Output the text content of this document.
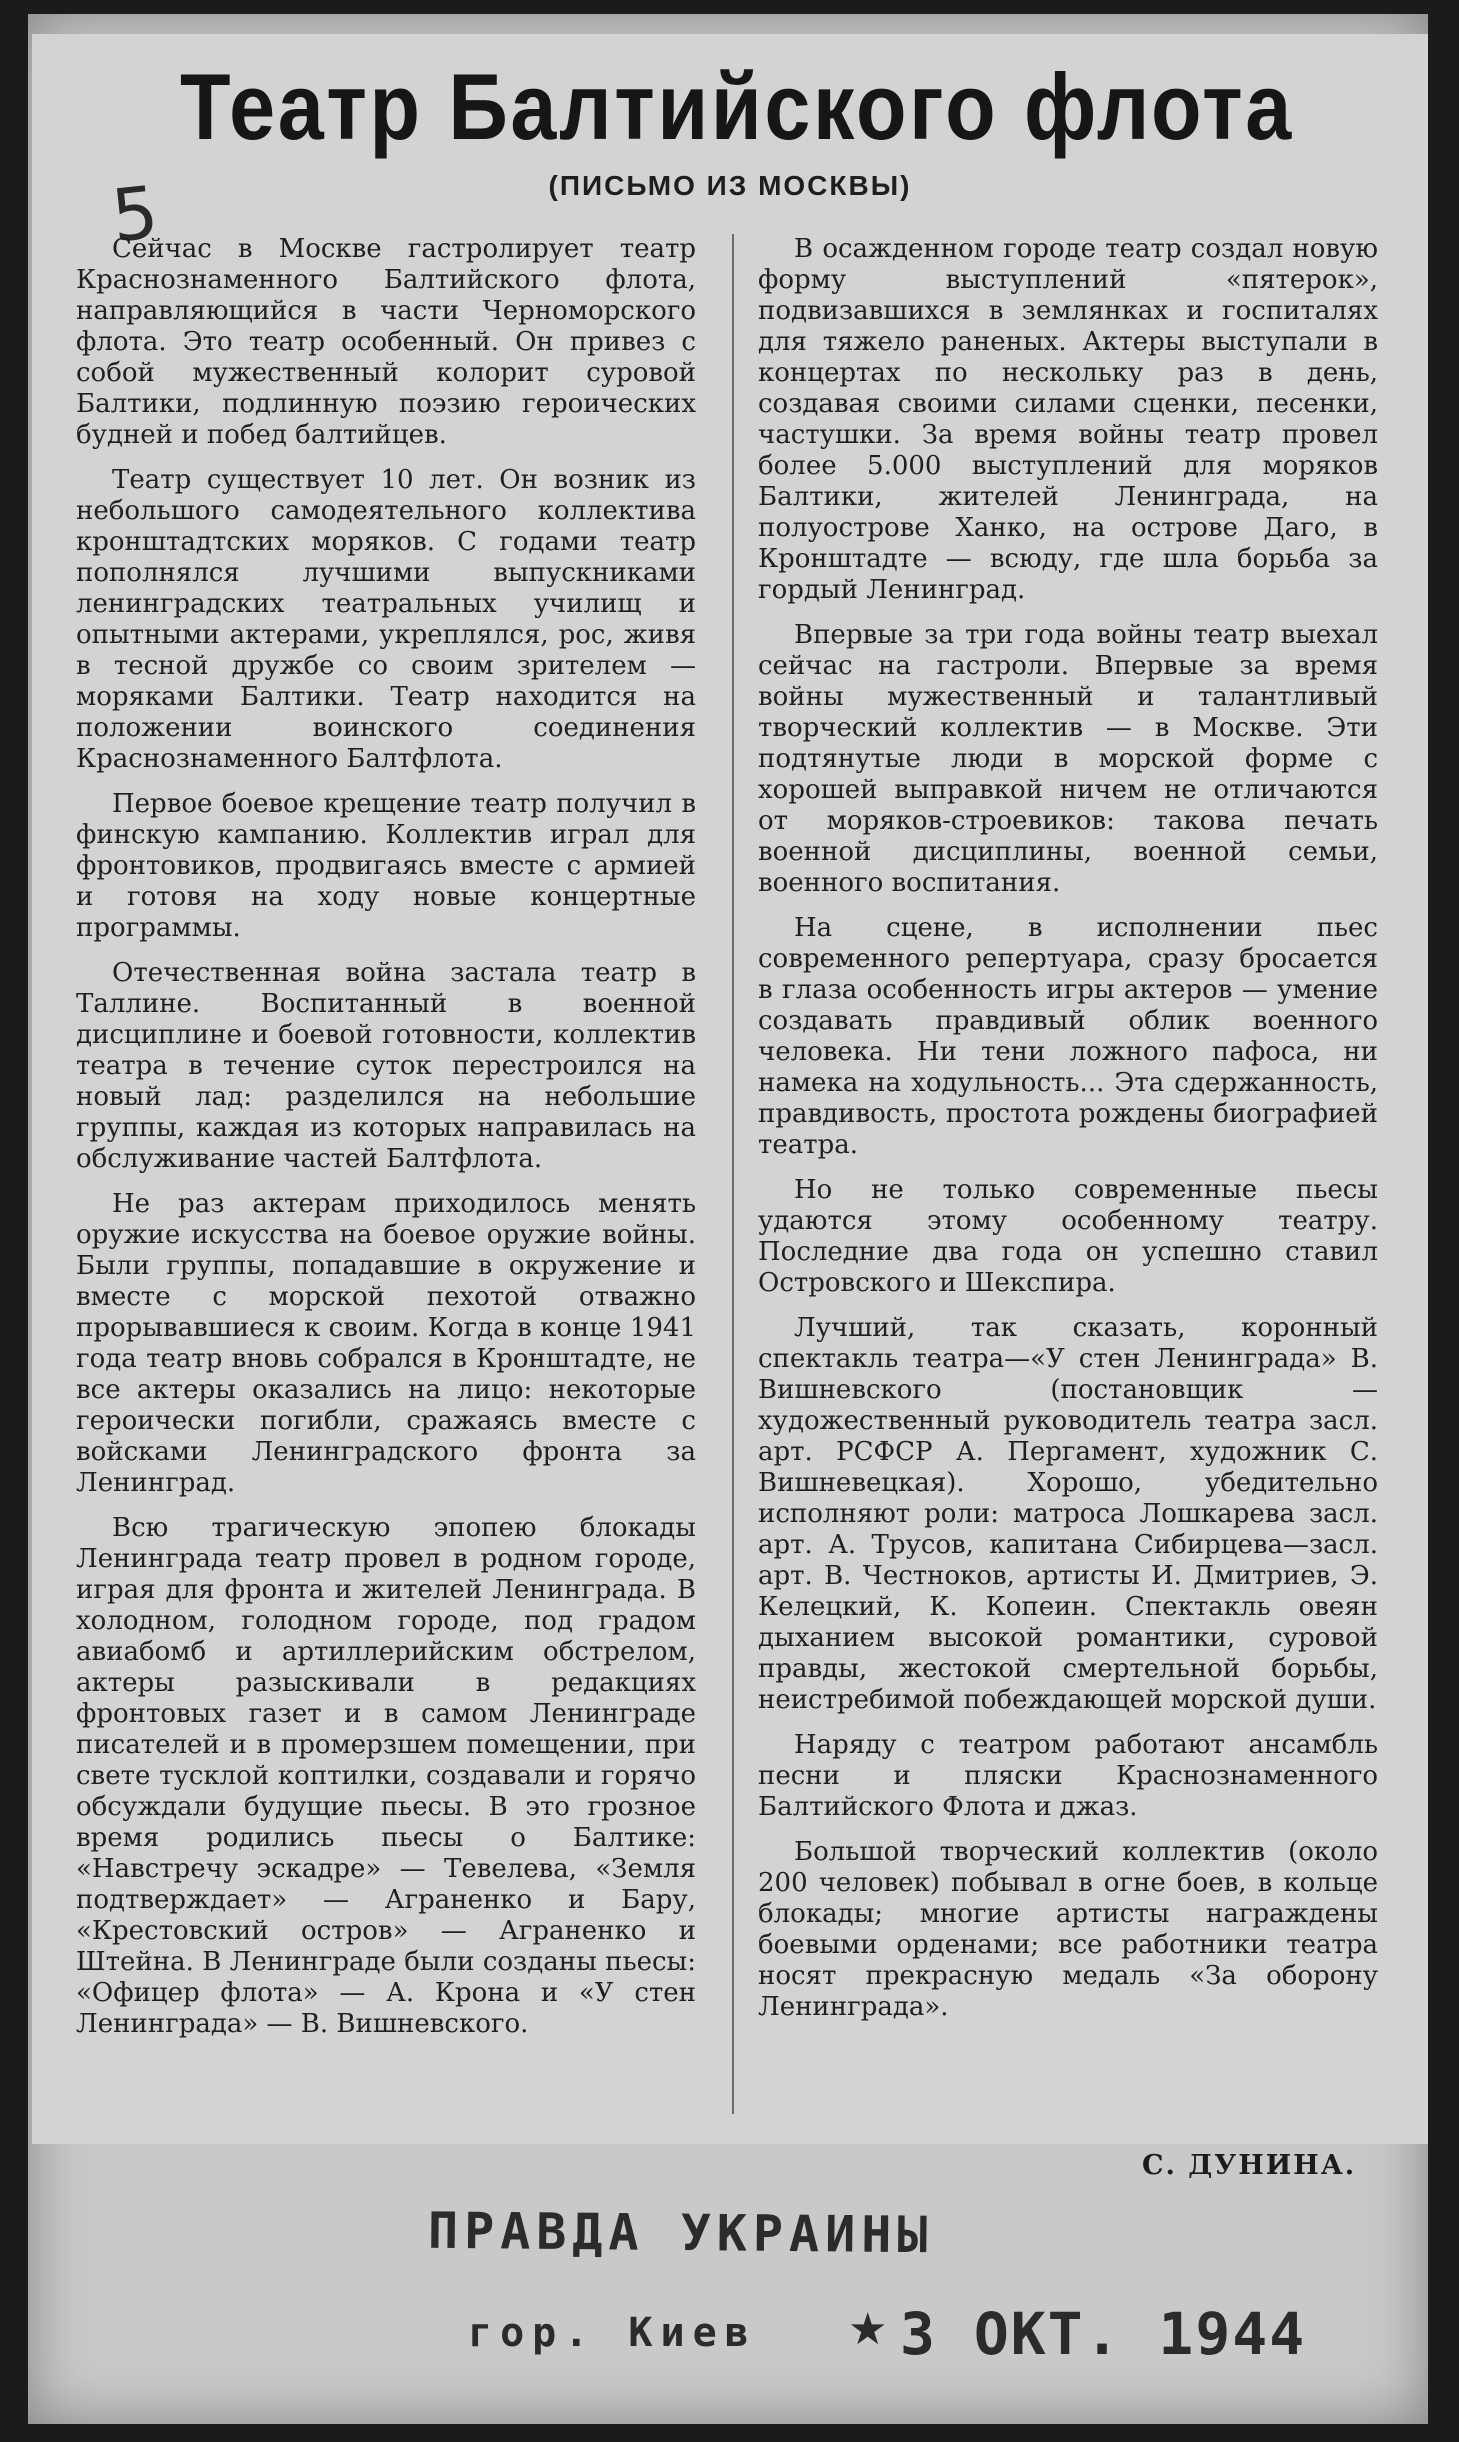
Театр Балтийского флота
(ПИСЬМО ИЗ МОСКВЫ)
5

Сейчас в Москве гастролирует театр Краснознаменного Балтийского флота, направляющийся в части Черноморского флота. Это театр особенный. Он привез с собой мужественный колорит суровой Балтики, подлинную поэзию героических будней и побед балтийцев.

Театр существует 10 лет. Он возник из небольшого самодеятельного коллектива кронштадтских моряков. С годами театр пополнялся лучшими выпускниками ленинградских театральных училищ и опытными актерами, укреплялся, рос, живя в тесной дружбе со своим зрителем — моряками Балтики. Театр находится на положении воинского соединения Краснознаменного Балтфлота.

Первое боевое крещение театр получил в финскую кампанию. Коллектив играл для фронтовиков, продвигаясь вместе с армией и готовя на ходу новые концертные программы.

Отечественная война застала театр в Таллине. Воспитанный в военной дисциплине и боевой готовности, коллектив театра в течение суток перестроился на новый лад: разделился на небольшие группы, каждая из которых направилась на обслуживание частей Балтфлота.

Не раз актерам приходилось менять оружие искусства на боевое оружие войны. Были группы, попадавшие в окружение и вместе с морской пехотой отважно прорывавшиеся к своим. Когда в конце 1941 года театр вновь собрался в Кронштадте, не все актеры оказались на лицо: некоторые героически погибли, сражаясь вместе с войсками Ленинградского фронта за Ленинград.

Всю трагическую эпопею блокады Ленинграда театр провел в родном городе, играя для фронта и жителей Ленинграда. В холодном, голодном городе, под градом авиабомб и артиллерийским обстрелом, актеры разыскивали в редакциях фронтовых газет и в самом Ленинграде писателей и в промерзшем помещении, при свете тусклой коптилки, создавали и горячо обсуждали будущие пьесы. В это грозное время родились пьесы о Балтике: «Навстречу эскадре» — Тевелева, «Земля подтверждает» — Аграненко и Бару, «Крестовский остров» — Аграненко и Штейна. В Ленинграде были созданы пьесы: «Офицер флота» — А. Крона и «У стен Ленинграда» — В. Вишневского.

В осажденном городе театр создал новую форму выступлений «пятерок», подвизавшихся в землянках и госпиталях для тяжело раненых. Актеры выступали в концертах по нескольку раз в день, создавая своими силами сценки, песенки, частушки. За время войны театр провел более 5.000 выступлений для моряков Балтики, жителей Ленинграда, на полуострове Ханко, на острове Даго, в Кронштадте — всюду, где шла борьба за гордый Ленинград.

Впервые за три года войны театр выехал сейчас на гастроли. Впервые за время войны мужественный и талантливый творческий коллектив — в Москве. Эти подтянутые люди в морской форме с хорошей выправкой ничем не отличаются от моряков-строевиков: такова печать военной дисциплины, военной семьи, военного воспитания.

На сцене, в исполнении пьес современного репертуара, сразу бросается в глаза особенность игры актеров — умение создавать правдивый облик военного человека. Ни тени ложного пафоса, ни намека на ходульность... Эта сдержанность, правдивость, простота рождены биографией театра.

Но не только современные пьесы удаются этому особенному театру. Последние два года он успешно ставил Островского и Шекспира.

Лучший, так сказать, коронный спектакль театра—«У стен Ленинграда» В. Вишневского (постановщик — художественный руководитель театра засл. арт. РСФСР А. Пергамент, художник С. Вишневецкая). Хорошо, убедительно исполняют роли: матроса Лошкарева засл. арт. А. Трусов, капитана Сибирцева—засл. арт. В. Честноков, артисты И. Дмитриев, Э. Келецкий, К. Копеин. Спектакль овеян дыханием высокой романтики, суровой правды, жестокой смертельной борьбы, неистребимой побеждающей морской души.

Наряду с театром работают ансамбль песни и пляски Краснознаменного Балтийского Флота и джаз.

Большой творческий коллектив (около 200 человек) побывал в огне боев, в кольце блокады; многие артисты награждены боевыми орденами; все работники театра носят прекрасную медаль «За оборону Ленинграда».

С. ДУНИНА.
ПРАВДА УКРАИНЫ
гор. Киев ★ 3 ОКТ. 1944
